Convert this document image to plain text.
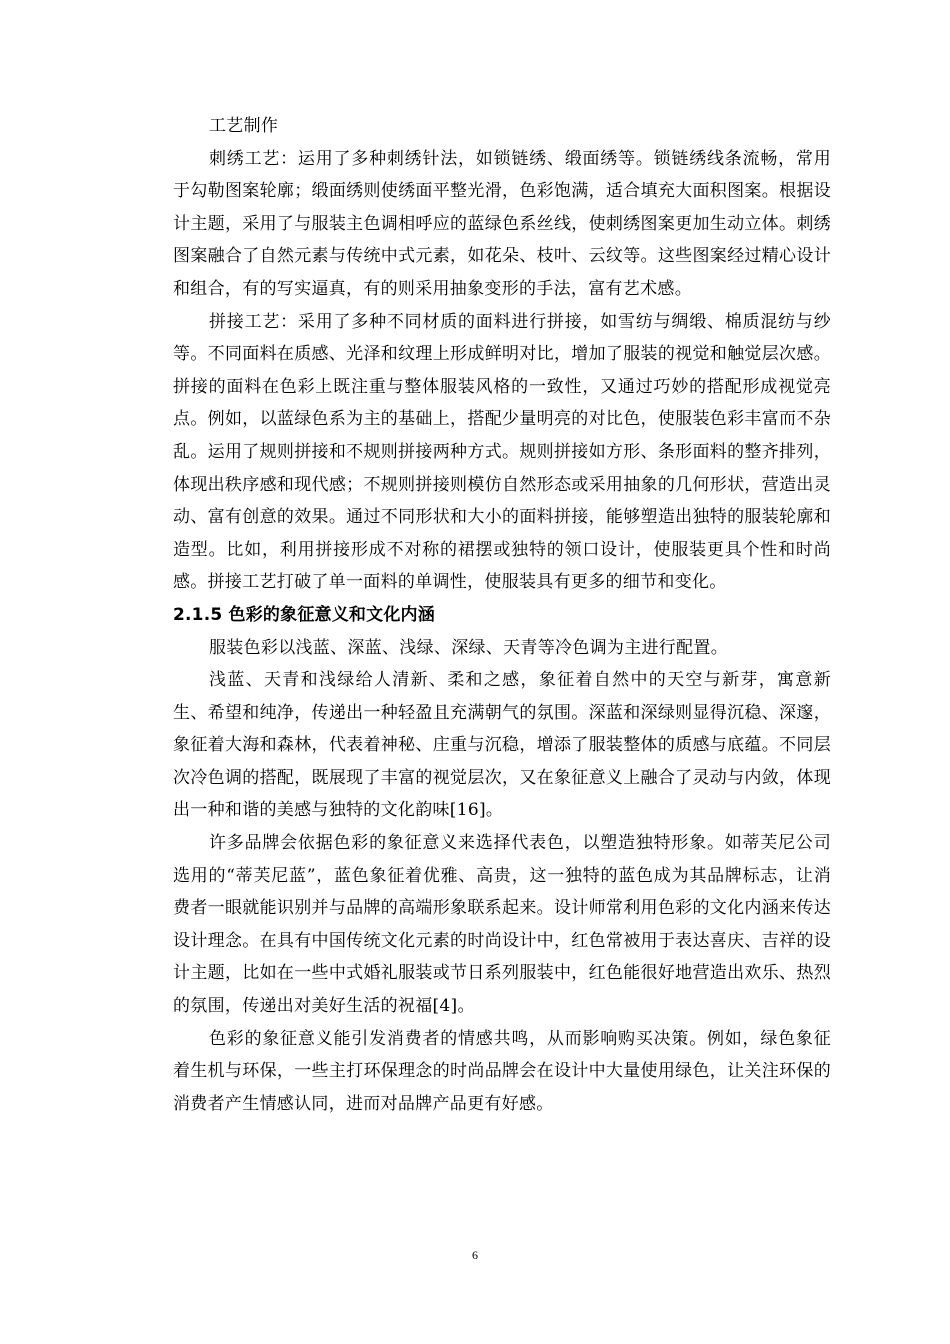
工艺制作

刺绣工艺：运用了多种刺绣针法，如锁链绣、缎面绣等。锁链绣线条流畅，常用于勾勒图案轮廓；缎面绣则使绣面平整光滑，色彩饱满，适合填充大面积图案。根据设计主题，采用了与服装主色调相呼应的蓝绿色系丝线，使刺绣图案更加生动立体。刺绣图案融合了自然元素与传统中式元素，如花朵、枝叶、云纹等。这些图案经过精心设计和组合，有的写实逼真，有的则采用抽象变形的手法，富有艺术感。

拼接工艺：采用了多种不同材质的面料进行拼接，如雪纺与绸缎、棉质混纺与纱等。不同面料在质感、光泽和纹理上形成鲜明对比，增加了服装的视觉和触觉层次感。拼接的面料在色彩上既注重与整体服装风格的一致性，又通过巧妙的搭配形成视觉亮点。例如，以蓝绿色系为主的基础上，搭配少量明亮的对比色，使服装色彩丰富而不杂乱。运用了规则拼接和不规则拼接两种方式。规则拼接如方形、条形面料的整齐排列，体现出秩序感和现代感；不规则拼接则模仿自然形态或采用抽象的几何形状，营造出灵动、富有创意的效果。通过不同形状和大小的面料拼接，能够塑造出独特的服装轮廓和造型。比如，利用拼接形成不对称的裙摆或独特的领口设计，使服装更具个性和时尚感。拼接工艺打破了单一面料的单调性，使服装具有更多的细节和变化。

2.1.5 色彩的象征意义和文化内涵

服装色彩以浅蓝、深蓝、浅绿、深绿、天青等冷色调为主进行配置。

浅蓝、天青和浅绿给人清新、柔和之感，象征着自然中的天空与新芽，寓意新生、希望和纯净，传递出一种轻盈且充满朝气的氛围。深蓝和深绿则显得沉稳、深邃，象征着大海和森林，代表着神秘、庄重与沉稳，增添了服装整体的质感与底蕴。不同层次冷色调的搭配，既展现了丰富的视觉层次，又在象征意义上融合了灵动与内敛，体现出一种和谐的美感与独特的文化韵味[16]。

许多品牌会依据色彩的象征意义来选择代表色，以塑造独特形象。如蒂芙尼公司选用的“蒂芙尼蓝”，蓝色象征着优雅、高贵，这一独特的蓝色成为其品牌标志，让消费者一眼就能识别并与品牌的高端形象联系起来。设计师常利用色彩的文化内涵来传达设计理念。在具有中国传统文化元素的时尚设计中，红色常被用于表达喜庆、吉祥的设计主题，比如在一些中式婚礼服装或节日系列服装中，红色能很好地营造出欢乐、热烈的氛围，传递出对美好生活的祝福[4]。

色彩的象征意义能引发消费者的情感共鸣，从而影响购买决策。例如，绿色象征着生机与环保，一些主打环保理念的时尚品牌会在设计中大量使用绿色，让关注环保的消费者产生情感认同，进而对品牌产品更有好感。

6
